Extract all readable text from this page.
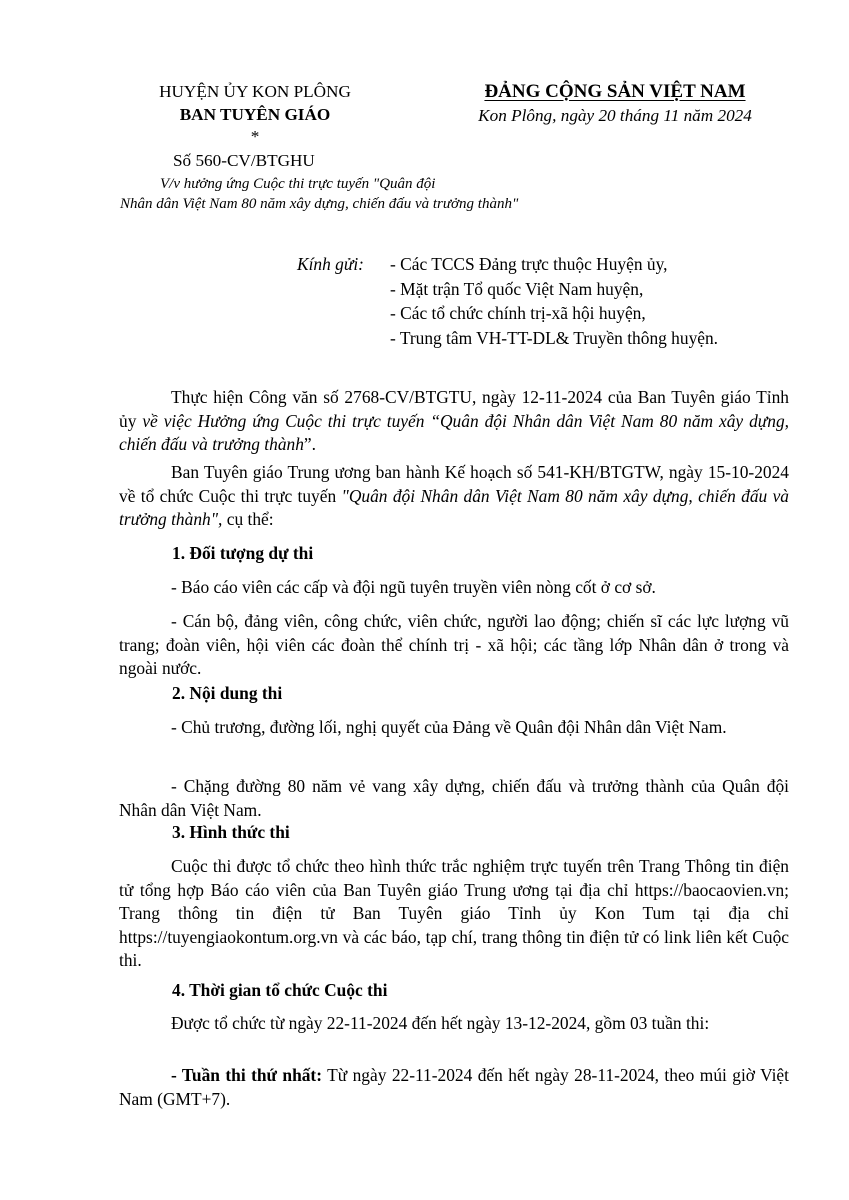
HUYỆN ỦY KON PLÔNG
BAN TUYÊN GIÁO
*
Số 560-CV/BTGHU
V/v hưởng ứng Cuộc thi trực tuyến "Quân đội
Nhân dân Việt Nam 80 năm xây dựng, chiến đấu và trưởng thành"
ĐẢNG CỘNG SẢN VIỆT NAM
Kon Plông, ngày 20 tháng 11 năm 2024
Kính gửi: - Các TCCS Đảng trực thuộc Huyện ủy,
- Mặt trận Tổ quốc Việt Nam huyện,
- Các tổ chức chính trị-xã hội huyện,
- Trung tâm VH-TT-DL& Truyền thông huyện.
Thực hiện Công văn số 2768-CV/BTGTU, ngày 12-11-2024 của Ban Tuyên giáo Tỉnh ủy về việc Hưởng ứng Cuộc thi trực tuyến “Quân đội Nhân dân Việt Nam 80 năm xây dựng, chiến đấu và trưởng thành”.
Ban Tuyên giáo Trung ương ban hành Kế hoạch số 541-KH/BTGTW, ngày 15-10-2024 về tổ chức Cuộc thi trực tuyến "Quân đội Nhân dân Việt Nam 80 năm xây dựng, chiến đấu và trưởng thành", cụ thể:
1. Đối tượng dự thi
- Báo cáo viên các cấp và đội ngũ tuyên truyền viên nòng cốt ở cơ sở.
- Cán bộ, đảng viên, công chức, viên chức, người lao động; chiến sĩ các lực lượng vũ trang; đoàn viên, hội viên các đoàn thể chính trị - xã hội; các tầng lớp Nhân dân ở trong và ngoài nước.
2. Nội dung thi
- Chủ trương, đường lối, nghị quyết của Đảng về Quân đội Nhân dân Việt Nam.
- Chặng đường 80 năm vẻ vang xây dựng, chiến đấu và trưởng thành của Quân đội Nhân dân Việt Nam.
3. Hình thức thi
Cuộc thi được tổ chức theo hình thức trắc nghiệm trực tuyến trên Trang Thông tin điện tử tổng hợp Báo cáo viên của Ban Tuyên giáo Trung ương tại địa chỉ https://baocaovien.vn; Trang thông tin điện tử Ban Tuyên giáo Tỉnh ủy Kon Tum tại địa chỉ https://tuyengiaokontum.org.vn và các báo, tạp chí, trang thông tin điện tử có link liên kết Cuộc thi.
4. Thời gian tổ chức Cuộc thi
Được tổ chức từ ngày 22-11-2024 đến hết ngày 13-12-2024, gồm 03 tuần thi:
- Tuần thi thứ nhất: Từ ngày 22-11-2024 đến hết ngày 28-11-2024, theo múi giờ Việt Nam (GMT+7).
